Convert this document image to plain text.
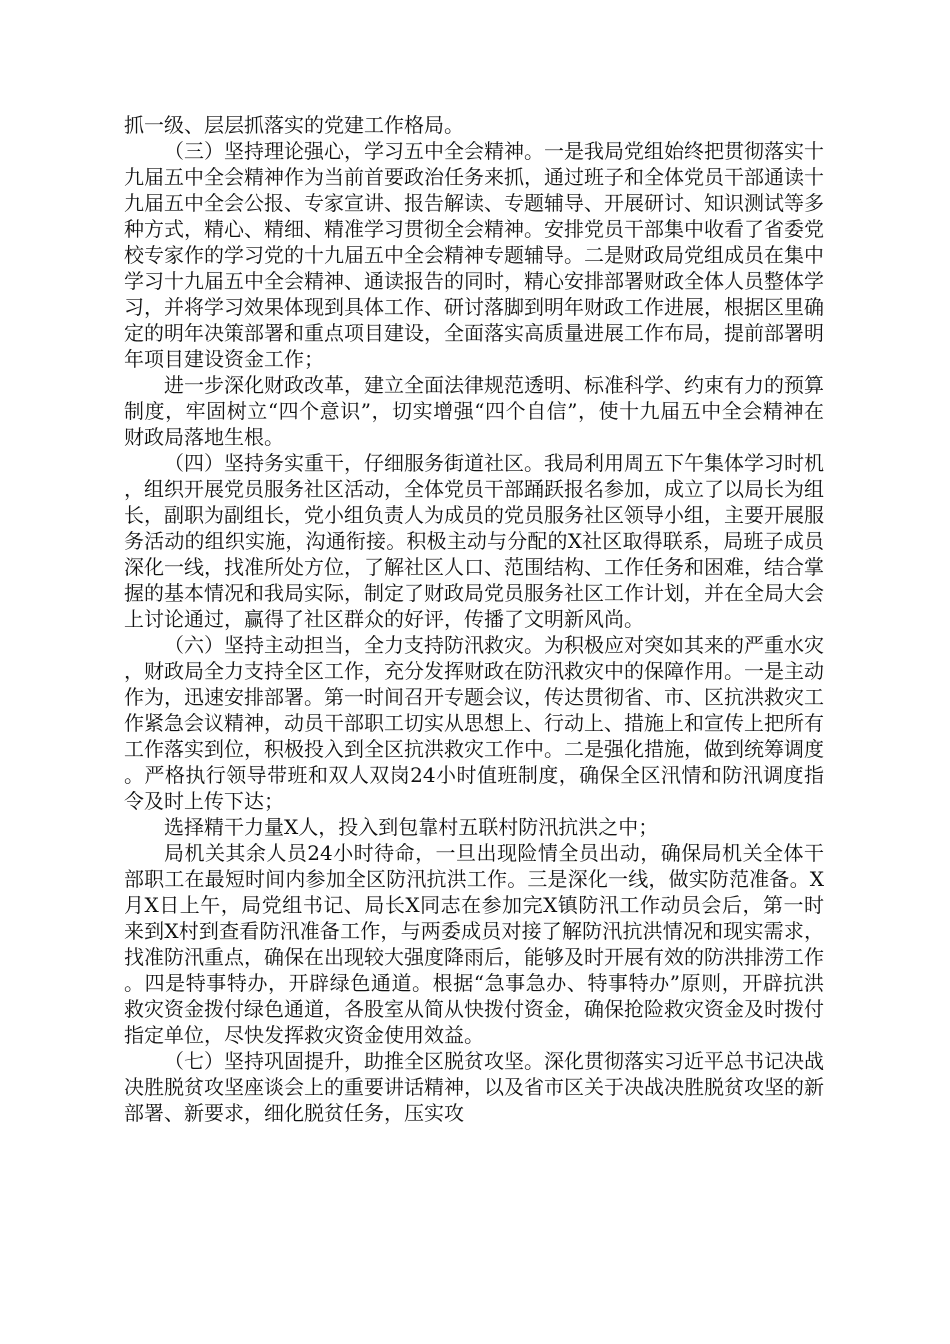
抓一级、层层抓落实的党建工作格局。

（三）坚持理论强心，学习五中全会精神。一是我局党组始终把贯彻落实十九届五中全会精神作为当前首要政治任务来抓，通过班子和全体党员干部通读十九届五中全会公报、专家宣讲、报告解读、专题辅导、开展研讨、知识测试等多种方式，精心、精细、精准学习贯彻全会精神。安排党员干部集中收看了省委党校专家作的学习党的十九届五中全会精神专题辅导。二是财政局党组成员在集中学习十九届五中全会精神、通读报告的同时，精心安排部署财政全体人员整体学习，并将学习效果体现到具体工作、研讨落脚到明年财政工作进展，根据区里确定的明年决策部署和重点项目建设，全面落实高质量进展工作布局，提前部署明年项目建设资金工作；

进一步深化财政改革，建立全面法律规范透明、标准科学、约束有力的预算制度，牢固树立“四个意识”，切实增强“四个自信”，使十九届五中全会精神在财政局落地生根。

（四）坚持务实重干，仔细服务街道社区。我局利用周五下午集体学习时机，组织开展党员服务社区活动，全体党员干部踊跃报名参加，成立了以局长为组长，副职为副组长，党小组负责人为成员的党员服务社区领导小组，主要开展服务活动的组织实施，沟通衔接。积极主动与分配的X社区取得联系，局班子成员深化一线，找准所处方位，了解社区人口、范围结构、工作任务和困难，结合掌握的基本情况和我局实际，制定了财政局党员服务社区工作计划，并在全局大会上讨论通过，赢得了社区群众的好评，传播了文明新风尚。

（六）坚持主动担当，全力支持防汛救灾。为积极应对突如其来的严重水灾，财政局全力支持全区工作，充分发挥财政在防汛救灾中的保障作用。一是主动作为，迅速安排部署。第一时间召开专题会议，传达贯彻省、市、区抗洪救灾工作紧急会议精神，动员干部职工切实从思想上、行动上、措施上和宣传上把所有工作落实到位，积极投入到全区抗洪救灾工作中。二是强化措施，做到统筹调度。严格执行领导带班和双人双岗24小时值班制度，确保全区汛情和防汛调度指令及时上传下达；

选择精干力量X人，投入到包靠村五联村防汛抗洪之中；

局机关其余人员24小时待命，一旦出现险情全员出动，确保局机关全体干部职工在最短时间内参加全区防汛抗洪工作。三是深化一线，做实防范准备。X月X日上午，局党组书记、局长X同志在参加完X镇防汛工作动员会后，第一时来到X村到查看防汛准备工作，与两委成员对接了解防汛抗洪情况和现实需求，找准防汛重点，确保在出现较大强度降雨后，能够及时开展有效的防洪排涝工作。四是特事特办，开辟绿色通道。根据“急事急办、特事特办”原则，开辟抗洪救灾资金拨付绿色通道，各股室从简从快拨付资金，确保抢险救灾资金及时拨付指定单位，尽快发挥救灾资金使用效益。

（七）坚持巩固提升，助推全区脱贫攻坚。深化贯彻落实习近平总书记决战决胜脱贫攻坚座谈会上的重要讲话精神，以及省市区关于决战决胜脱贫攻坚的新部署、新要求，细化脱贫任务，压实攻
